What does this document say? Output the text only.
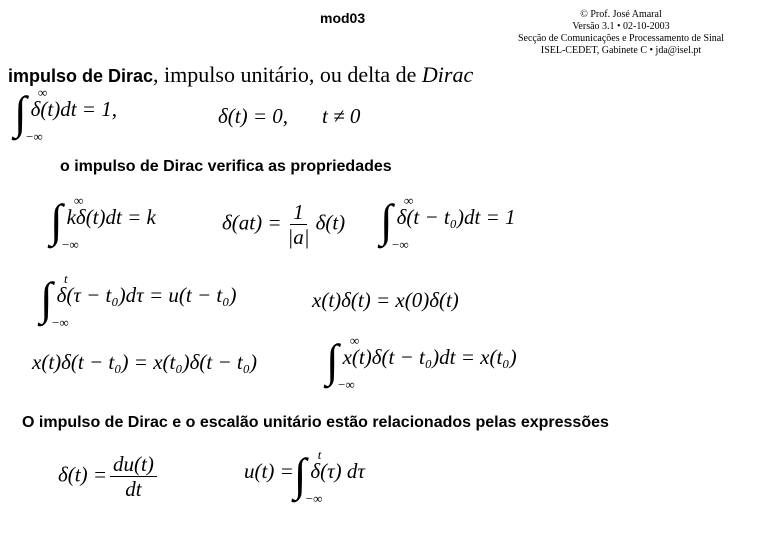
mod03	© Prof. José Amaral
Versão 3.1 • 02-10-2003
Secção de Comunicações e Processamento de Sinal
ISEL-CEDET, Gabinete C • jda@isel.pt
impulso de Dirac, impulso unitário, ou delta de Dirac
∫ ∞
−∞
δ(t)dt = 1,	δ(t) = 0, t ≠ 0
o impulso de Dirac verifica as propriedades
∫ ∞
−∞
kδ(t)dt = k	$\delta(at) = \frac{1}{|a|} \delta(t)$ ∫ ∞
−∞
δ(t − t₀)dt = 1
∫ t
−∞
δ(τ − t₀)dτ = u(t − t₀)	x(t)δ(t) = x(0)δ(t)
x(t)δ(t − t₀) = x(t₀)δ(t − t₀) ∫ ∞
−∞
x(t)δ(t − t₀)dt = x(t₀)
O impulso de Dirac e o escalão unitário estão relacionados pelas expressões
$\delta(t) = \frac{du(t)}{dt}$	u(t) =∫ t
−∞
δ(τ) dτ
